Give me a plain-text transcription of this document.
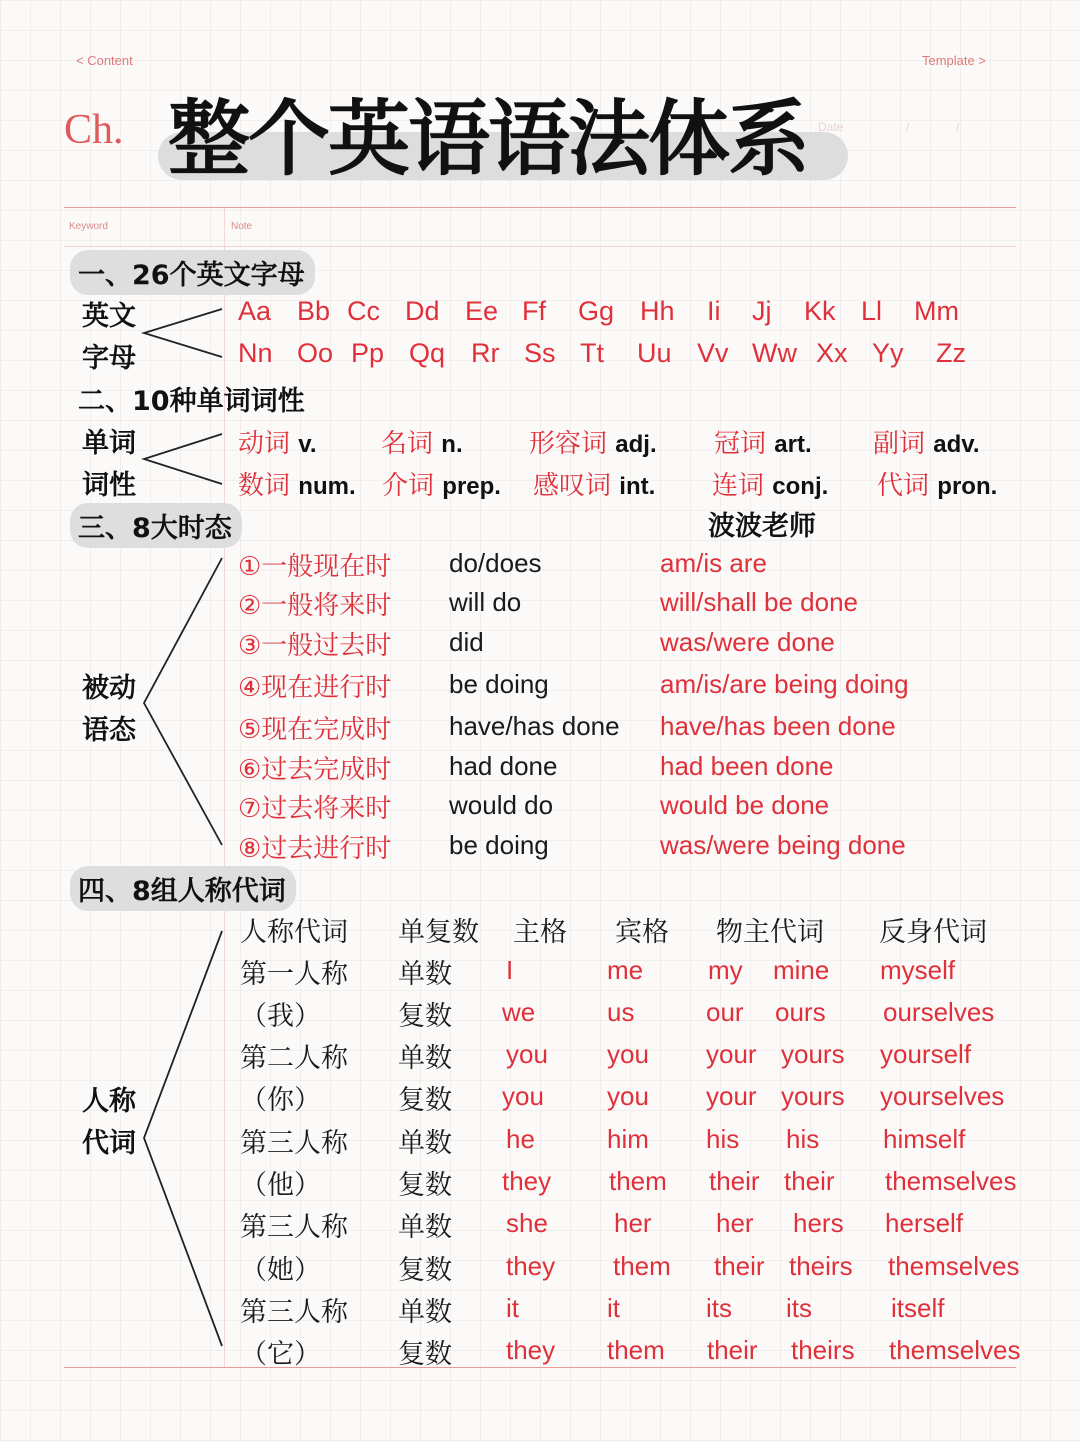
< Content	Template >
Ch. 整个英语语法体系 Date	/	/
Keyword	Note
一、26个英文字母
英文
字母
Aa Bb Cc Dd Ee Ff Gg Hh Ii Jj Kk Ll Mm
Nn Oo Pp Qq Rr Ss Tt Uu Vv Ww Xx Yy Zz
二、10种单词词性
单词
词性
动词 v. 名词 n.	形容词 adj. 冠词 art. 副词 adv.
数词 num. 介词 prep. 感叹词 int. 连词 conj. 代词 pron.
三、8大时态	波波老师
被动
语态
①一般现在时 do/does	am/is are
②一般将来时 will do	will/shall be done
③一般过去时 did	was/were done
④现在进行时 be doing	am/is/are being doing
⑤现在完成时 have/has done have/has been done
⑥过去完成时 had done	had been done
⑦过去将来时 would do	would be done
⑧过去进行时 be doing	was/were being done
四、8组人称代词
人称
代词
人称代词 单复数 主格 宾格 物主代词 反身代词
第一人称 单数 I	me my mine myself
（我）	复数 we	us	our ours ourselves
第二人称 单数 you you your yours yourself
（你）	复数 you you your yours yourselves
第三人称 单数 he	him his his himself
（他）	复数 they them their their themselves
第三人称 单数 she	her her hers herself
（她）	复数 they them their theirs themselves
第三人称 单数 it	it	its its	itself
（它）	复数 they them their theirs themselves
